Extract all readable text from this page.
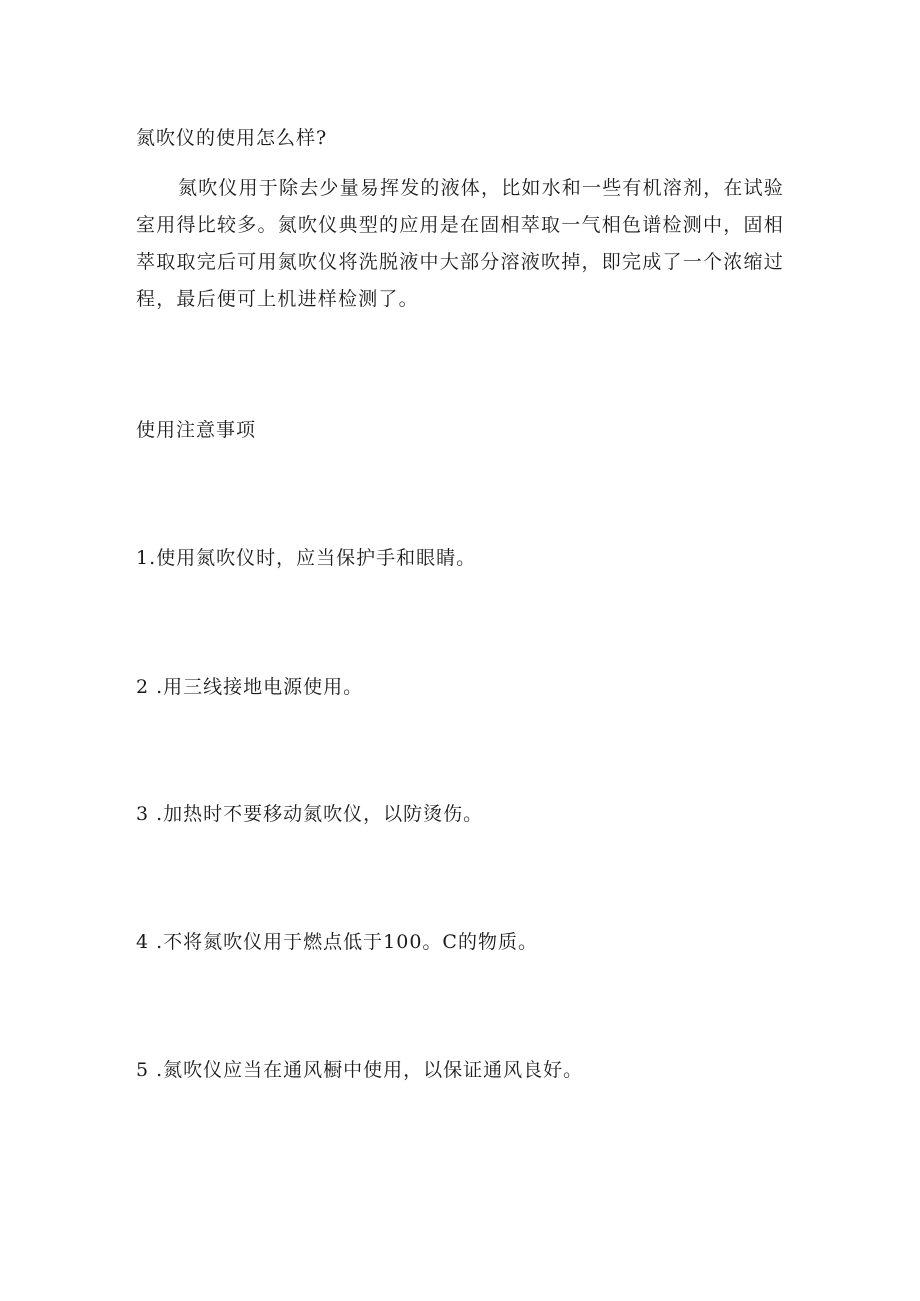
氮吹仪的使用怎么样?

氮吹仪用于除去少量易挥发的液体，比如水和一些有机溶剂，在试验室用得比较多。氮吹仪典型的应用是在固相萃取一气相色谱检测中，固相萃取取完后可用氮吹仪将洗脱液中大部分溶液吹掉，即完成了一个浓缩过程，最后便可上机进样检测了。

使用注意事项
1.使用氮吹仪时，应当保护手和眼睛。
2 .用三线接地电源使用。
3 .加热时不要移动氮吹仪，以防烫伤。
4 .不将氮吹仪用于燃点低于100。C的物质。
5 .氮吹仪应当在通风橱中使用，以保证通风良好。
